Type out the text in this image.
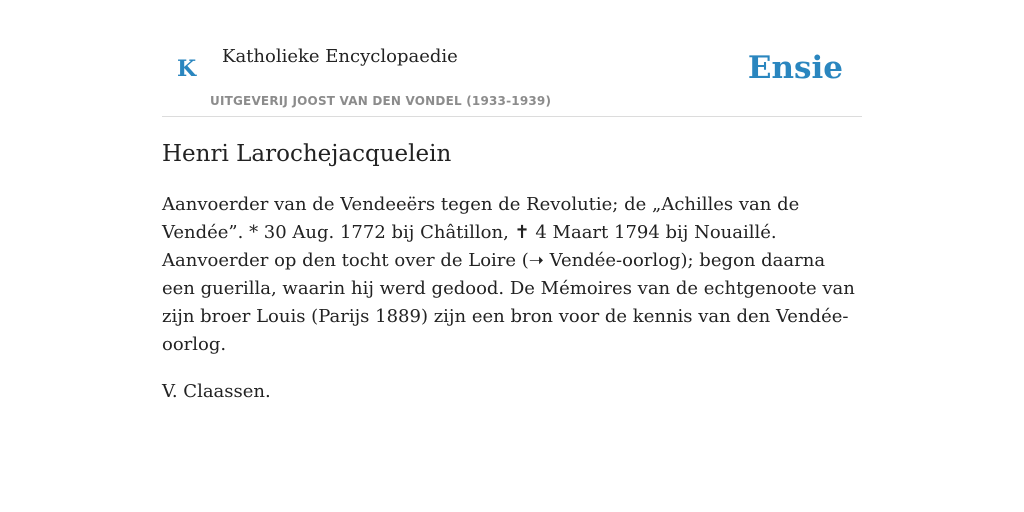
K Katholieke Encyclopaedie
UITGEVERIJ JOOST VAN DEN VONDEL (1933-1939)
Ensie
Henri Larochejacquelein

Aanvoerder van de Vendeeërs tegen de Revolutie; de „Achilles van de Vendée”. * 30 Aug. 1772 bij Châtillon, ✝ 4 Maart 1794 bij Nouaillé. Aanvoerder op den tocht over de Loire (➝ Vendée-oorlog); begon daarna een guerilla, waarin hij werd gedood. De Mémoires van de echtgenoote van zijn broer Louis (Parijs 1889) zijn een bron voor de kennis van den Vendée-oorlog.

V. Claassen.
